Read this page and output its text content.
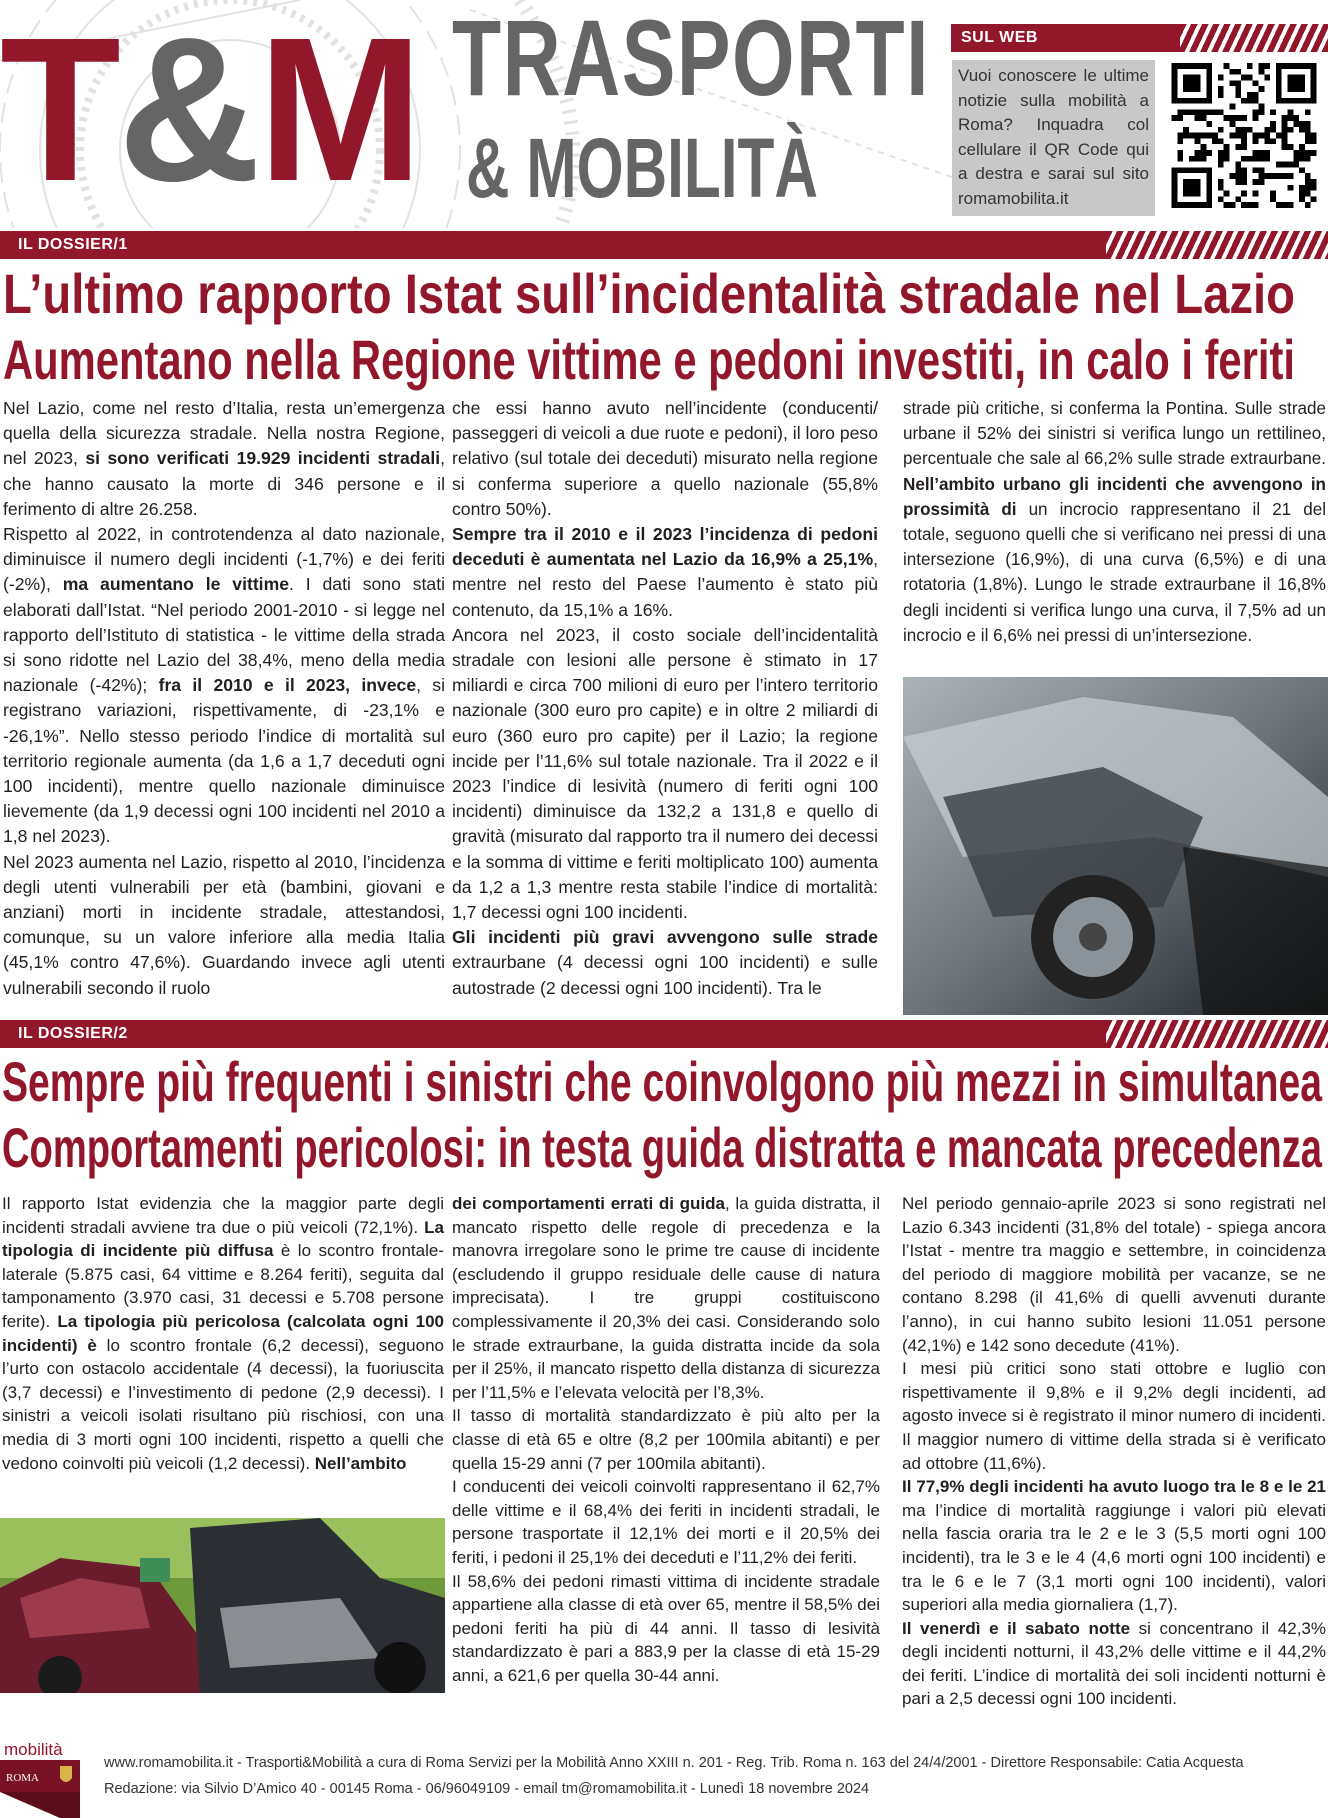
T&M TRASPORTI
& MOBILITÀ
SUL WEB
Vuoi conoscere le ultime notizie sulla mobilità a Roma? Inquadra col cellulare il QR Code qui a destra e sarai sul sito romamobilita.it
IL DOSSIER/1
L’ultimo rapporto Istat sull’incidentalità stradale nel Lazio
Aumentano nella Regione vittime e pedoni investiti, in calo i feriti

Nel Lazio, come nel resto d’Italia, resta un’emergenza quella della sicurezza stradale. Nella nostra Regione, nel 2023, si sono verificati 19.929 incidenti stradali, che hanno causato la morte di 346 persone e il ferimento di altre 26.258.

Rispetto al 2022, in controtendenza al dato nazionale, diminuisce il numero degli incidenti (-1,7%) e dei feriti (-2%), ma aumentano le vittime. I dati sono stati elaborati dall’Istat. “Nel periodo 2001-2010 - si legge nel rapporto dell’Istituto di statistica - le vittime della strada si sono ridotte nel Lazio del 38,4%, meno della media nazionale (-42%); fra il 2010 e il 2023, invece, si registrano variazioni, rispettivamente, di -23,1% e -26,1%”. Nello stesso periodo l’indice di mortalità sul territorio regionale aumenta (da 1,6 a 1,7 deceduti ogni 100 incidenti), mentre quello nazionale diminuisce lievemente (da 1,9 decessi ogni 100 incidenti nel 2010 a 1,8 nel 2023).

Nel 2023 aumenta nel Lazio, rispetto al 2010, l’incidenza degli utenti vulnerabili per età (bambini, giovani e anziani) morti in incidente stradale, attestandosi, comunque, su un valore inferiore alla media Italia (45,1% contro 47,6%). Guardando invece agli utenti vulnerabili secondo il ruolo

che essi hanno avuto nell’incidente (conducenti/ passeggeri di veicoli a due ruote e pedoni), il loro peso relativo (sul totale dei deceduti) misurato nella regione si conferma superiore a quello nazionale (55,8% contro 50%).

Sempre tra il 2010 e il 2023 l’incidenza di pedoni deceduti è aumentata nel Lazio da 16,9% a 25,1%, mentre nel resto del Paese l’aumento è stato più contenuto, da 15,1% a 16%.

Ancora nel 2023, il costo sociale dell’incidentalità stradale con lesioni alle persone è stimato in 17 miliardi e circa 700 milioni di euro per l’intero territorio nazionale (300 euro pro capite) e in oltre 2 miliardi di euro (360 euro pro capite) per il Lazio; la regione incide per l’11,6% sul totale nazionale. Tra il 2022 e il 2023 l’indice di lesività (numero di feriti ogni 100 incidenti) diminuisce da 132,2 a 131,8 e quello di gravità (misurato dal rapporto tra il numero dei decessi e la somma di vittime e feriti moltiplicato 100) aumenta da 1,2 a 1,3 mentre resta stabile l’indice di mortalità: 1,7 decessi ogni 100 incidenti.

Gli incidenti più gravi avvengono sulle strade extraurbane (4 decessi ogni 100 incidenti) e sulle autostrade (2 decessi ogni 100 incidenti). Tra le

strade più critiche, si conferma la Pontina. Sulle strade urbane il 52% dei sinistri si verifica lungo un rettilineo, percentuale che sale al 66,2% sulle strade extraurbane. Nell’ambito urbano gli incidenti che avvengono in prossimità di un incrocio rappresentano il 21 del totale, seguono quelli che si verificano nei pressi di una intersezione (16,9%), di una curva (6,5%) e di una rotatoria (1,8%). Lungo le strade extraurbane il 16,8% degli incidenti si verifica lungo una curva, il 7,5% ad un incrocio e il 6,6% nei pressi di un’intersezione.

IL DOSSIER/2
Sempre più frequenti i sinistri che coinvolgono più mezzi in simultanea
Comportamenti pericolosi: in testa guida distratta e mancata precedenza

Il rapporto Istat evidenzia che la maggior parte degli incidenti stradali avviene tra due o più veicoli (72,1%). La tipologia di incidente più diffusa è lo scontro frontale-laterale (5.875 casi, 64 vittime e 8.264 feriti), seguita dal tamponamento (3.970 casi, 31 decessi e 5.708 persone ferite). La tipologia più pericolosa (calcolata ogni 100 incidenti) è lo scontro frontale (6,2 decessi), seguono l’urto con ostacolo accidentale (4 decessi), la fuoriuscita (3,7 decessi) e l’investimento di pedone (2,9 decessi). I sinistri a veicoli isolati risultano più rischiosi, con una media di 3 morti ogni 100 incidenti, rispetto a quelli che vedono coinvolti più veicoli (1,2 decessi). Nell’ambito

dei comportamenti errati di guida, la guida distratta, il mancato rispetto delle regole di precedenza e la manovra irregolare sono le prime tre cause di incidente (escludendo il gruppo residuale delle cause di natura imprecisata). I tre gruppi costituiscono complessivamente il 20,3% dei casi. Considerando solo le strade extraurbane, la guida distratta incide da sola per il 25%, il mancato rispetto della distanza di sicurezza per l’11,5% e l’elevata velocità per l’8,3%.

Il tasso di mortalità standardizzato è più alto per la classe di età 65 e oltre (8,2 per 100mila abitanti) e per quella 15-29 anni (7 per 100mila abitanti).

I conducenti dei veicoli coinvolti rappresentano il 62,7% delle vittime e il 68,4% dei feriti in incidenti stradali, le persone trasportate il 12,1% dei morti e il 20,5% dei feriti, i pedoni il 25,1% dei deceduti e l’11,2% dei feriti.

Il 58,6% dei pedoni rimasti vittima di incidente stradale appartiene alla classe di età over 65, mentre il 58,5% dei pedoni feriti ha più di 44 anni. Il tasso di lesività standardizzato è pari a 883,9 per la classe di età 15-29 anni, a 621,6 per quella 30-44 anni.

Nel periodo gennaio-aprile 2023 si sono registrati nel Lazio 6.343 incidenti (31,8% del totale) - spiega ancora l’Istat - mentre tra maggio e settembre, in coincidenza del periodo di maggiore mobilità per vacanze, se ne contano 8.298 (il 41,6% di quelli avvenuti durante l’anno), in cui hanno subito lesioni 11.051 persone (42,1%) e 142 sono decedute (41%).

I mesi più critici sono stati ottobre e luglio con rispettivamente il 9,8% e il 9,2% degli incidenti, ad agosto invece si è registrato il minor numero di incidenti. Il maggior numero di vittime della strada si è verificato ad ottobre (11,6%).

Il 77,9% degli incidenti ha avuto luogo tra le 8 e le 21 ma l’indice di mortalità raggiunge i valori più elevati nella fascia oraria tra le 2 e le 3 (5,5 morti ogni 100 incidenti), tra le 3 e le 4 (4,6 morti ogni 100 incidenti) e tra le 6 e le 7 (3,1 morti ogni 100 incidenti), valori superiori alla media giornaliera (1,7).

Il venerdì e il sabato notte si concentrano il 42,3% degli incidenti notturni, il 43,2% delle vittime e il 44,2% dei feriti. L’indice di mortalità dei soli incidenti notturni è pari a 2,5 decessi ogni 100 incidenti.

mobilità
ROMA
www.romamobilita.it - Trasporti&Mobilità a cura di Roma Servizi per la Mobilità Anno XXIII n. 201 - Reg. Trib. Roma n. 163 del 24/4/2001 - Direttore Responsabile: Catia Acquesta
Redazione: via Silvio D’Amico 40 - 00145 Roma - 06/96049109 - email tm@romamobilita.it - Lunedì 18 novembre 2024
